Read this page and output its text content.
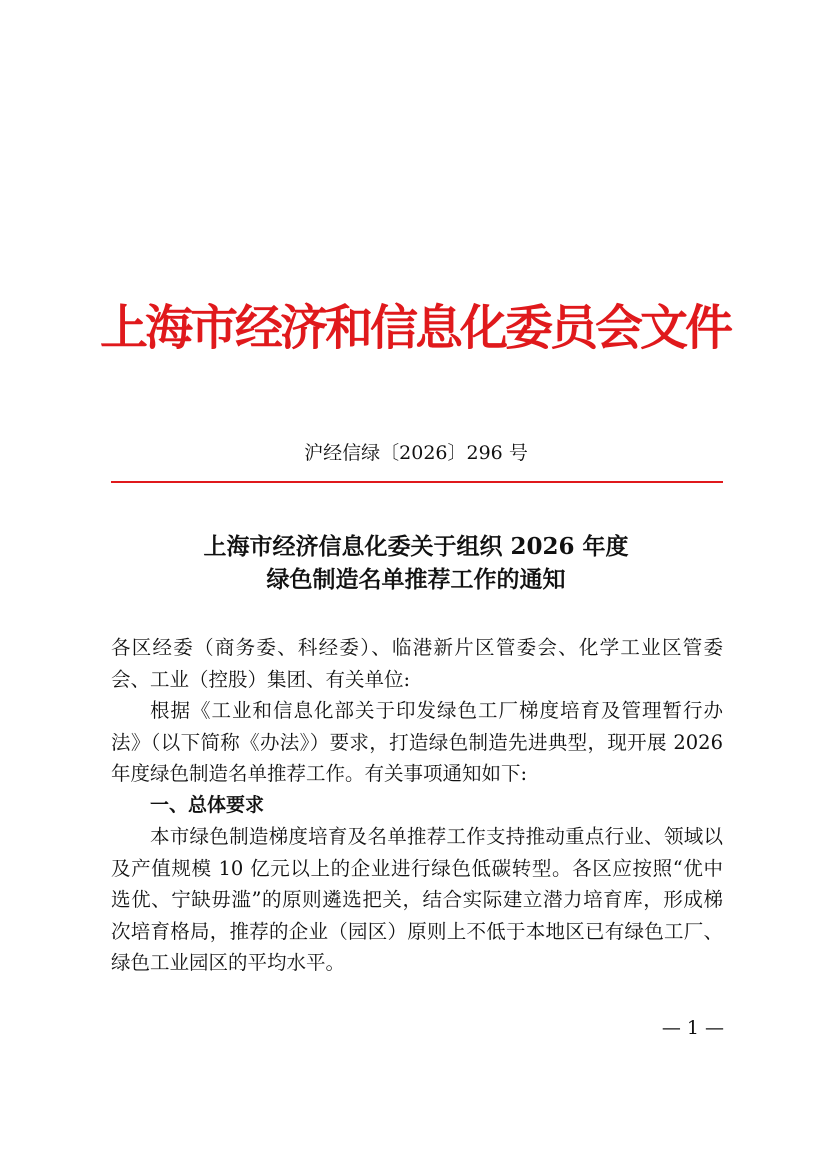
上海市经济和信息化委员会文件
沪经信绿〔2026〕296 号
上海市经济信息化委关于组织 2026 年度
绿色制造名单推荐工作的通知

各区经委（商务委、科经委）、临港新片区管委会、化学工业区管委会、工业（控股）集团、有关单位:

根据《工业和信息化部关于印发绿色工厂梯度培育及管理暂行办法》（以下简称《办法》）要求，打造绿色制造先进典型，现开展 2026 年度绿色制造名单推荐工作。有关事项通知如下:

一、总体要求

本市绿色制造梯度培育及名单推荐工作支持推动重点行业、领域以及产值规模 10 亿元以上的企业进行绿色低碳转型。各区应按照“优中选优、宁缺毋滥”的原则遴选把关，结合实际建立潜力培育库，形成梯次培育格局，推荐的企业（园区）原则上不低于本地区已有绿色工厂、绿色工业园区的平均水平。

— 1 —
